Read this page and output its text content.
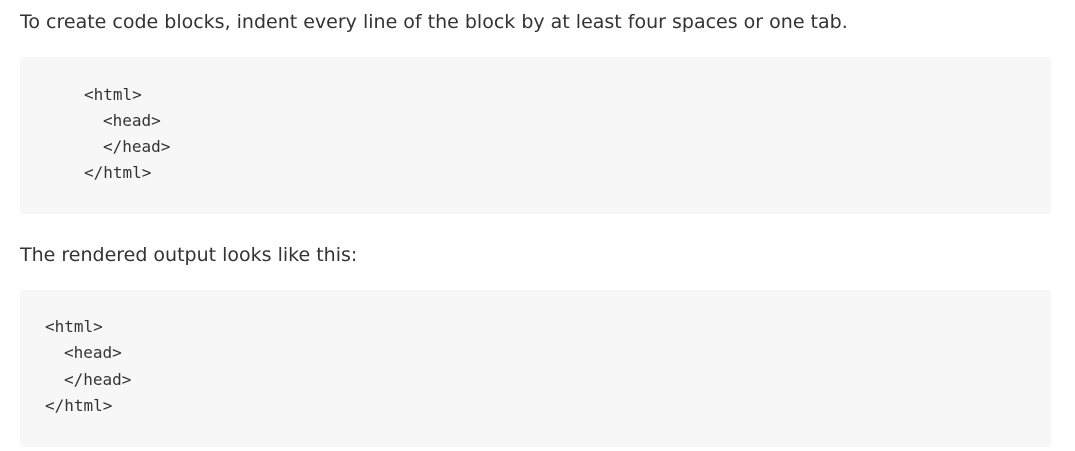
To create code blocks, indent every line of the block by at least four spaces or one tab.

<html>
<head>
</head>
</html>

The rendered output looks like this:

<html>
<head>
</head>
</html>
